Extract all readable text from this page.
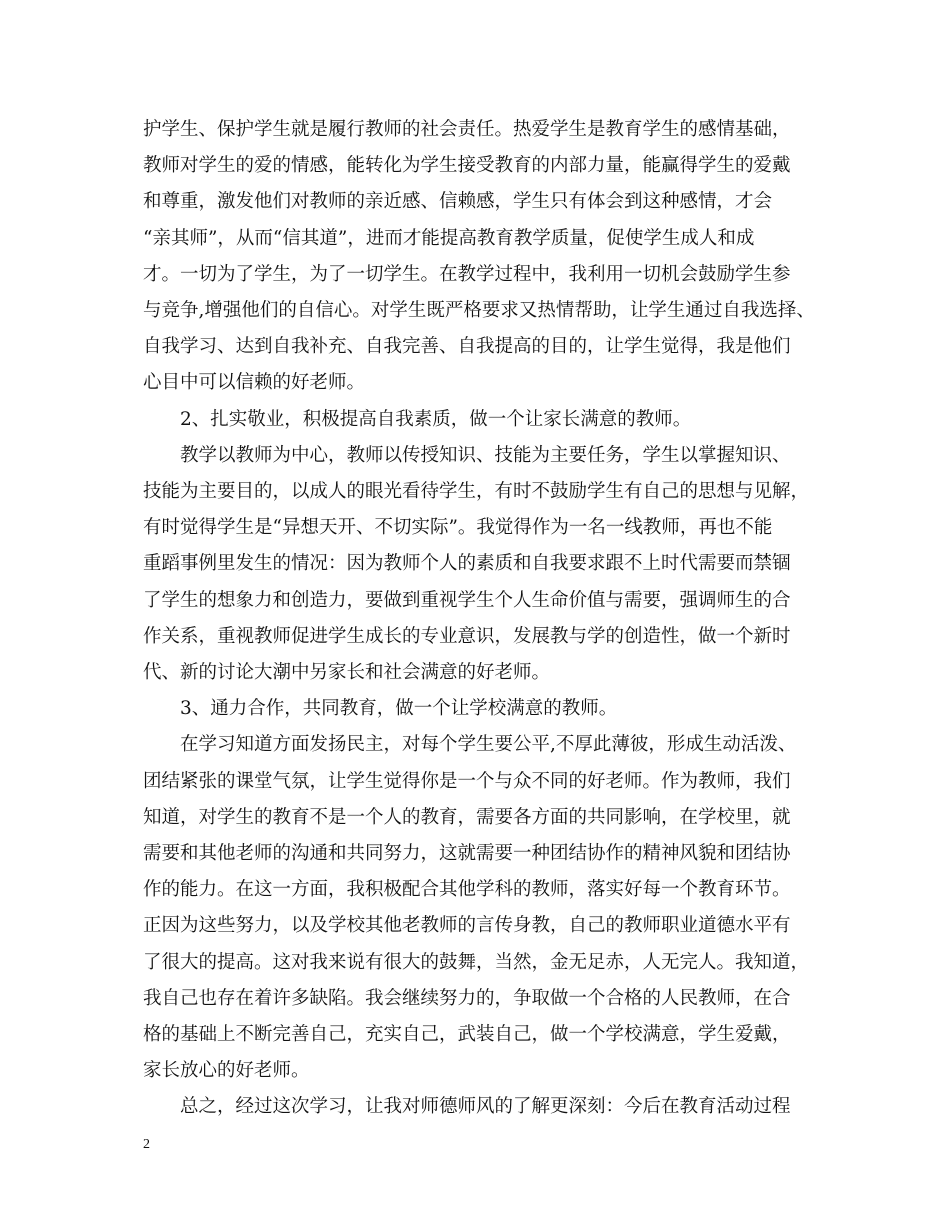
护学生、保护学生就是履行教师的社会责任。热爱学生是教育学生的感情基础，
教师对学生的爱的情感，能转化为学生接受教育的内部力量，能赢得学生的爱戴
和尊重，激发他们对教师的亲近感、信赖感，学生只有体会到这种感情，才会
“亲其师”，从而“信其道”，进而才能提高教育教学质量，促使学生成人和成
才。一切为了学生，为了一切学生。在教学过程中，我利用一切机会鼓励学生参
与竞争,增强他们的自信心。对学生既严格要求又热情帮助，让学生通过自我选择、
自我学习、达到自我补充、自我完善、自我提高的目的，让学生觉得，我是他们
心目中可以信赖的好老师。

2、扎实敬业，积极提高自我素质，做一个让家长满意的教师。

教学以教师为中心，教师以传授知识、技能为主要任务，学生以掌握知识、
技能为主要目的，以成人的眼光看待学生，有时不鼓励学生有自己的思想与见解，
有时觉得学生是“异想天开、不切实际”。我觉得作为一名一线教师，再也不能
重蹈事例里发生的情况：因为教师个人的素质和自我要求跟不上时代需要而禁锢
了学生的想象力和创造力，要做到重视学生个人生命价值与需要，强调师生的合
作关系，重视教师促进学生成长的专业意识，发展教与学的创造性，做一个新时
代、新的讨论大潮中另家长和社会满意的好老师。

3、通力合作，共同教育，做一个让学校满意的教师。

在学习知道方面发扬民主，对每个学生要公平,不厚此薄彼，形成生动活泼、
团结紧张的课堂气氛，让学生觉得你是一个与众不同的好老师。作为教师，我们
知道，对学生的教育不是一个人的教育，需要各方面的共同影响，在学校里，就
需要和其他老师的沟通和共同努力，这就需要一种团结协作的精神风貌和团结协
作的能力。在这一方面，我积极配合其他学科的教师，落实好每一个教育环节。
正因为这些努力，以及学校其他老教师的言传身教，自己的教师职业道德水平有
了很大的提高。这对我来说有很大的鼓舞，当然，金无足赤，人无完人。我知道，
我自己也存在着许多缺陷。我会继续努力的，争取做一个合格的人民教师，在合
格的基础上不断完善自己，充实自己，武装自己，做一个学校满意，学生爱戴，
家长放心的好老师。

总之，经过这次学习，让我对师德师风的了解更深刻：今后在教育活动过程

2
